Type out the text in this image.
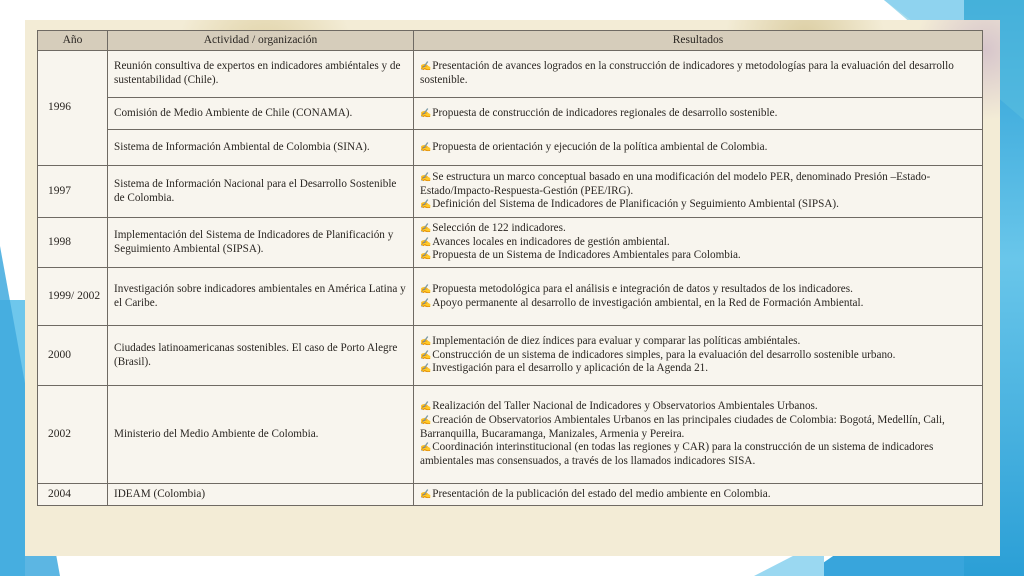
Año	Actividad / organización	Resultados
1996	Reunión consultiva de expertos en indicadores ambiéntales y de sustentabilidad (Chile).	✍Presentación de avances logrados en la construcción de indicadores y metodologías para la evaluación del desarrollo sostenible.

	Comisión de Medio Ambiente de Chile (CONAMA).	✍Propuesta de construcción de indicadores regionales de desarrollo sostenible.

	Sistema de Información Ambiental de Colombia (SINA).	✍Propuesta de orientación y ejecución de la política ambiental de Colombia.

1997	Sistema de Información Nacional para el Desarrollo Sostenible de Colombia.	✍Se estructura un marco conceptual basado en una modificación del modelo PER, denominado Presión –Estado-Estado/Impacto-Respuesta-Gestión (PEE/IRG).
✍Definición del Sistema de Indicadores de Planificación y Seguimiento Ambiental (SIPSA).

1998	Implementación del Sistema de Indicadores de Planificación y Seguimiento Ambiental (SIPSA).	✍Selección de 122 indicadores.
✍Avances locales en indicadores de gestión ambiental.
✍Propuesta de un Sistema de Indicadores Ambientales para Colombia.

1999/ 2002	Investigación sobre indicadores ambientales en América Latina y el Caribe.	✍Propuesta metodológica para el análisis e integración de datos y resultados de los indicadores.
✍Apoyo permanente al desarrollo de investigación ambiental, en la Red de Formación Ambiental.

2000	Ciudades latinoamericanas sostenibles. El caso de Porto Alegre (Brasil).	✍Implementación de diez índices para evaluar y comparar las políticas ambiéntales.
✍Construcción de un sistema de indicadores simples, para la evaluación del desarrollo sostenible urbano.
✍Investigación para el desarrollo y aplicación de la Agenda 21.

2002	Ministerio del Medio Ambiente de Colombia.	✍Realización del Taller Nacional de Indicadores y Observatorios Ambientales Urbanos.
✍Creación de Observatorios Ambientales Urbanos en las principales ciudades de Colombia: Bogotá, Medellín, Cali, Barranquilla, Bucaramanga, Manizales, Armenia y Pereira.
✍Coordinación interinstitucional (en todas las regiones y CAR) para la construcción de un sistema de indicadores ambientales mas consensuados, a través de los llamados indicadores SISA.

2004	IDEAM (Colombia)	✍Presentación de la publicación del estado del medio ambiente en Colombia.
